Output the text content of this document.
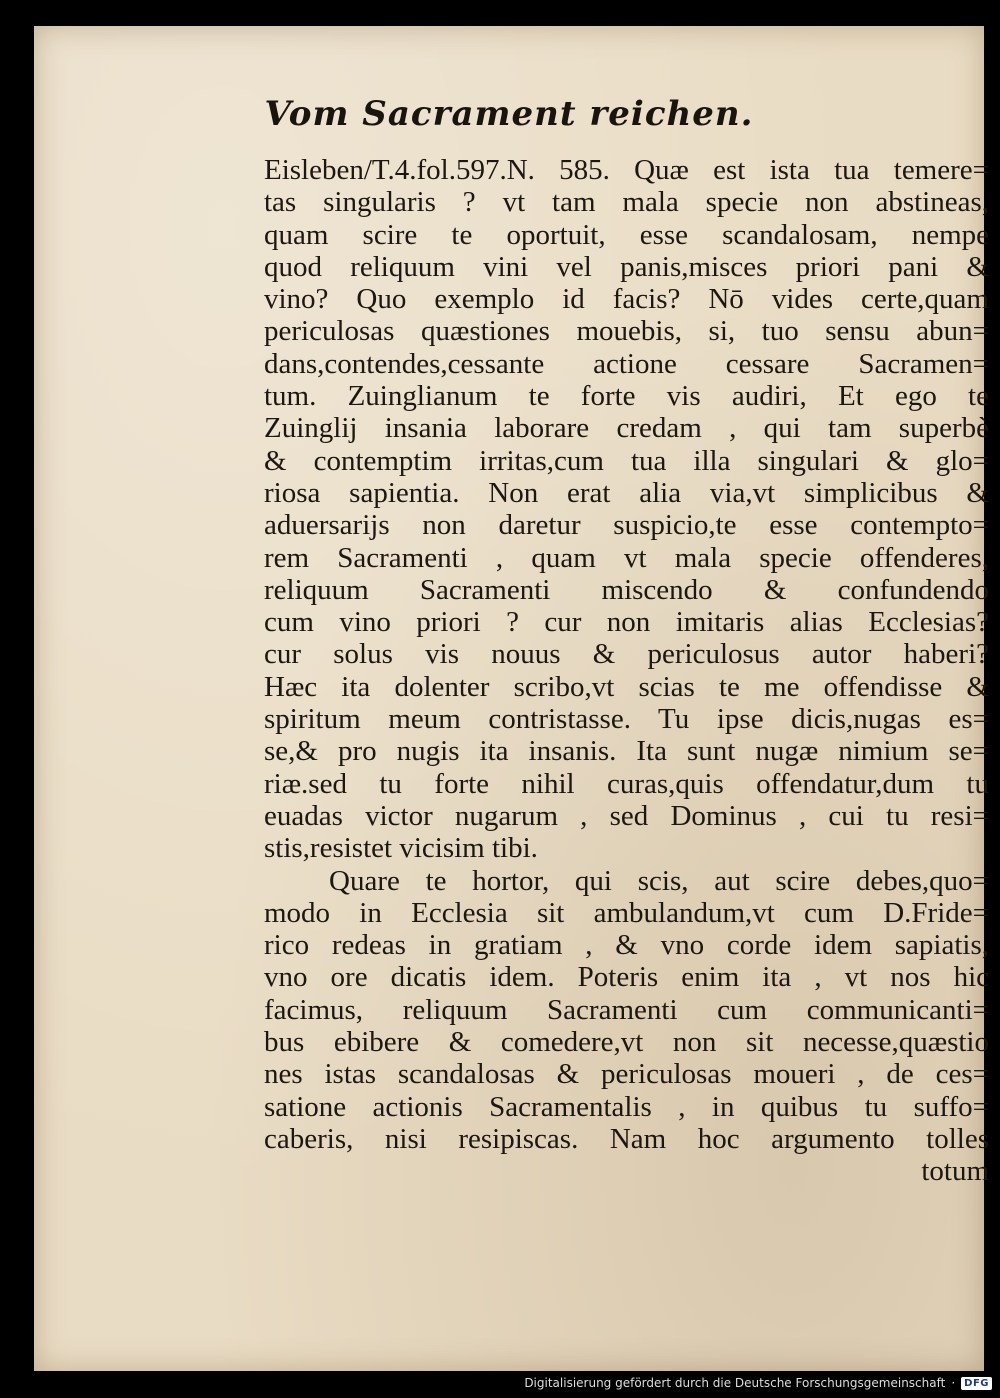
Vom Sacrament reichen.
Eisleben/T.4.fol.597.N. 585. Quæ est ista tua temere=
tas singularis ? vt tam mala specie non abstineas,
quam scire te oportuit, esse scandalosam, nempe
quod reliquum vini vel panis,misces priori pani &
vino? Quo exemplo id facis? Nō vides certe,quam
periculosas quæstiones mouebis, si, tuo sensu abun=
dans,contendes,cessante actione cessare Sacramen=
tum. Zuinglianum te forte vis audiri, Et ego te
Zuinglij insania laborare credam , qui tam superbè
& contemptim irritas,cum tua illa singulari & glo=
riosa sapientia. Non erat alia via,vt simplicibus &
aduersarijs non daretur suspicio,te esse contempto=
rem Sacramenti , quam vt mala specie offenderes,
reliquum Sacramenti miscendo & confundendo
cum vino priori ? cur non imitaris alias Ecclesias?
cur solus vis nouus & periculosus autor haberi?
Hæc ita dolenter scribo,vt scias te me offendisse &
spiritum meum contristasse. Tu ipse dicis,nugas es=
se,& pro nugis ita insanis. Ita sunt nugæ nimium se=
riæ.sed tu forte nihil curas,quis offendatur,dum tu
euadas victor nugarum , sed Dominus , cui tu resi=
stis,resistet vicisim tibi.
Quare te hortor, qui scis, aut scire debes,quo=
modo in Ecclesia sit ambulandum,vt cum D.Fride=
rico redeas in gratiam , & vno corde idem sapiatis,
vno ore dicatis idem. Poteris enim ita , vt nos hic
facimus, reliquum Sacramenti cum communicanti=
bus ebibere & comedere,vt non sit necesse,quæstio
nes istas scandalosas & periculosas moueri , de ces=
satione actionis Sacramentalis , in quibus tu suffo=
caberis, nisi resipiscas. Nam hoc argumento tolles
totum
Digitalisierung gefördert durch die Deutsche Forschungsgemeinschaft · DFG
